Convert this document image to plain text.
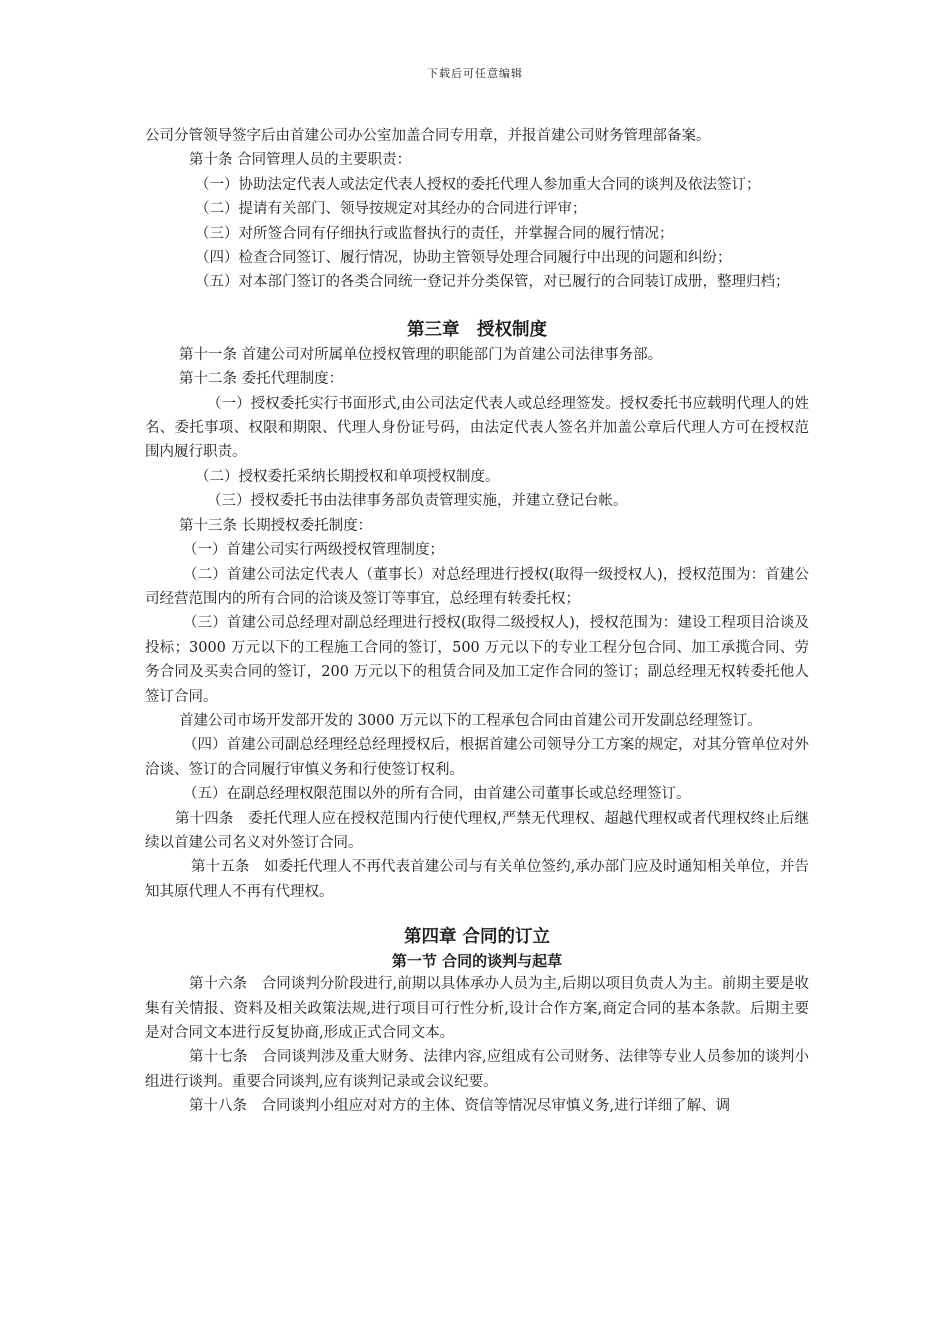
下载后可任意编辑

公司分管领导签字后由首建公司办公室加盖合同专用章，并报首建公司财务管理部备案。

第十条 合同管理人员的主要职责：

（一）协助法定代表人或法定代表人授权的委托代理人参加重大合同的谈判及依法签订；

（二）提请有关部门、领导按规定对其经办的合同进行评审；

（三）对所签合同有仔细执行或监督执行的责任，并掌握合同的履行情况；

（四）检查合同签订、履行情况，协助主管领导处理合同履行中出现的问题和纠纷；

（五）对本部门签订的各类合同统一登记并分类保管，对已履行的合同装订成册，整理归档；

第三章　授权制度

第十一条 首建公司对所属单位授权管理的职能部门为首建公司法律事务部。

第十二条 委托代理制度：

（一）授权委托实行书面形式,由公司法定代表人或总经理签发。授权委托书应载明代理人的姓名、委托事项、权限和期限、代理人身份证号码，由法定代表人签名并加盖公章后代理人方可在授权范围内履行职责。

（二）授权委托采纳长期授权和单项授权制度。

（三）授权委托书由法律事务部负责管理实施，并建立登记台帐。

第十三条 长期授权委托制度：

（一）首建公司实行两级授权管理制度；

（二）首建公司法定代表人（董事长）对总经理进行授权(取得一级授权人)，授权范围为：首建公司经营范围内的所有合同的洽谈及签订等事宜，总经理有转委托权；

（三）首建公司总经理对副总经理进行授权(取得二级授权人)，授权范围为：建设工程项目洽谈及投标；3000 万元以下的工程施工合同的签订，500 万元以下的专业工程分包合同、加工承揽合同、劳务合同及买卖合同的签订，200 万元以下的租赁合同及加工定作合同的签订；副总经理无权转委托他人签订合同。

首建公司市场开发部开发的 3000 万元以下的工程承包合同由首建公司开发副总经理签订。

（四）首建公司副总经理经总经理授权后，根据首建公司领导分工方案的规定，对其分管单位对外洽谈、签订的合同履行审慎义务和行使签订权利。

（五）在副总经理权限范围以外的所有合同，由首建公司董事长或总经理签订。

第十四条　委托代理人应在授权范围内行使代理权,严禁无代理权、超越代理权或者代理权终止后继续以首建公司名义对外签订合同。

第十五条　如委托代理人不再代表首建公司与有关单位签约,承办部门应及时通知相关单位，并告知其原代理人不再有代理权。

第四章 合同的订立
第一节 合同的谈判与起草

第十六条　合同谈判分阶段进行,前期以具体承办人员为主,后期以项目负责人为主。前期主要是收集有关情报、资料及相关政策法规,进行项目可行性分析,设计合作方案,商定合同的基本条款。后期主要是对合同文本进行反复协商,形成正式合同文本。

第十七条　合同谈判涉及重大财务、法律内容,应组成有公司财务、法律等专业人员参加的谈判小组进行谈判。重要合同谈判,应有谈判记录或会议纪要。

第十八条　合同谈判小组应对对方的主体、资信等情况尽审慎义务,进行详细了解、调
